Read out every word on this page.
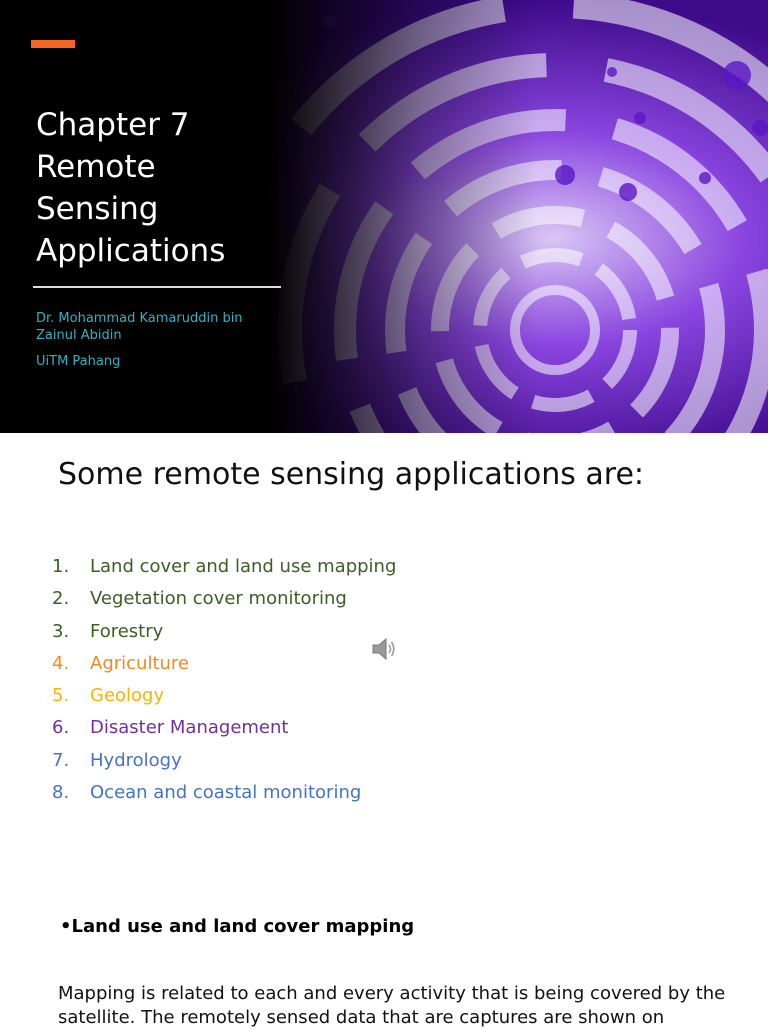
Chapter 7
Remote
Sensing
Applications
Dr. Mohammad Kamaruddin bin
Zainul Abidin
UiTM Pahang
Some remote sensing applications are:
1. Land cover and land use mapping
2. Vegetation cover monitoring
3. Forestry
4. Agriculture
5. Geology
6. Disaster Management
7. Hydrology
8. Ocean and coastal monitoring
•Land use and land cover mapping
Mapping is related to each and every activity that is being covered by the satellite. The remotely sensed data that are captures are shown on
